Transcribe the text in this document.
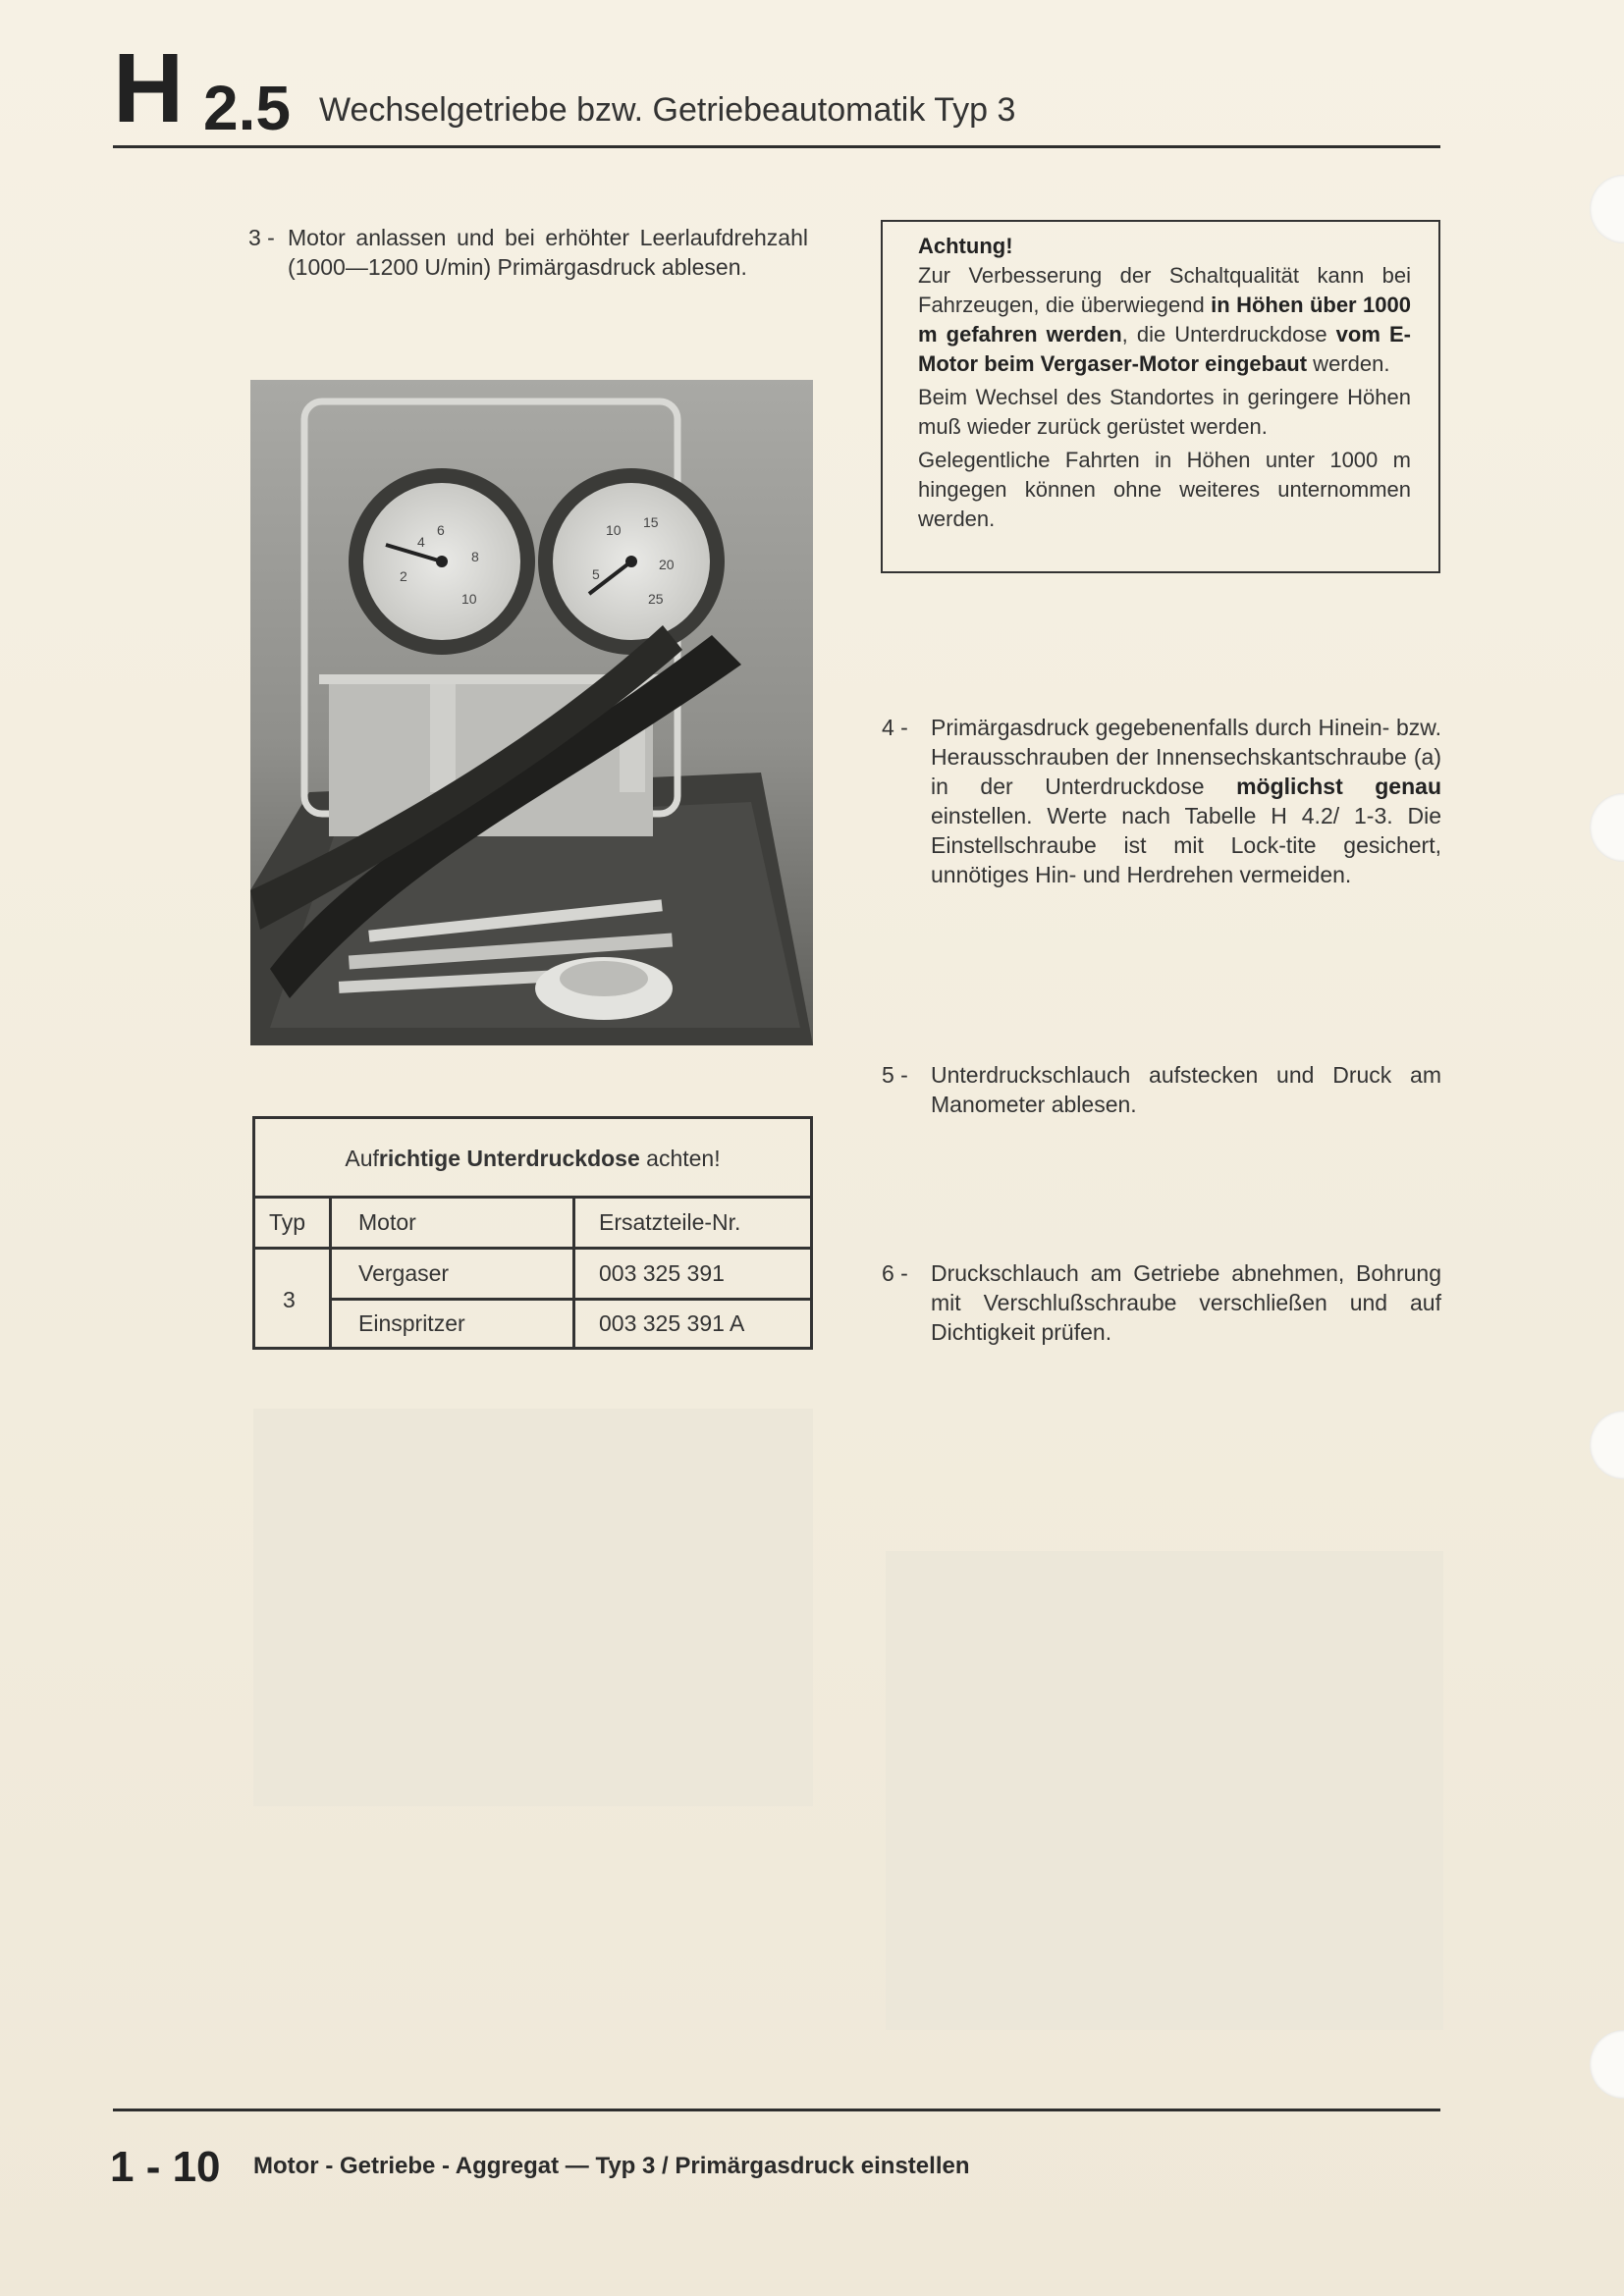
H 2.5 Wechselgetriebe bzw. Getriebeautomatik Typ 3
3 - Motor anlassen und bei erhöhter Leerlaufdrehzahl (1000—1200 U/min) Primärgasdruck ablesen.
2
4
6
8
10
5
10 15
20
25
Achtung!

Zur Verbesserung der Schaltqualität kann bei Fahrzeugen, die überwiegend in Höhen über 1000 m gefahren werden, die Unterdruckdose vom E-Motor beim Vergaser-Motor eingebaut werden.

Beim Wechsel des Standortes in geringere Höhen muß wieder zurück gerüstet werden.

Gelegentliche Fahrten in Höhen unter 1000 m hingegen können ohne weiteres unternommen werden.

4 - Primärgasdruck gegebenenfalls durch Hinein- bzw. Herausschrauben der Innensechskantschraube (a) in der Unterdruckdose möglichst genau einstellen. Werte nach Tabelle H 4.2/ 1-3. Die Einstellschraube ist mit Lock-tite gesichert, unnötiges Hin- und Herdrehen vermeiden.
5 - Unterdruckschlauch aufstecken und Druck am Manometer ablesen.
6 - Druckschlauch am Getriebe abnehmen, Bohrung mit Verschlußschraube verschließen und auf Dichtigkeit prüfen.
Auf richtige Unterdruckdose achten!
Typ Motor	Ersatzteile-Nr.
3
Vergaser	003 325 391
Einspritzer	003 325 391 A
1 - 10 Motor - Getriebe - Aggregat — Typ 3 / Primärgasdruck einstellen
